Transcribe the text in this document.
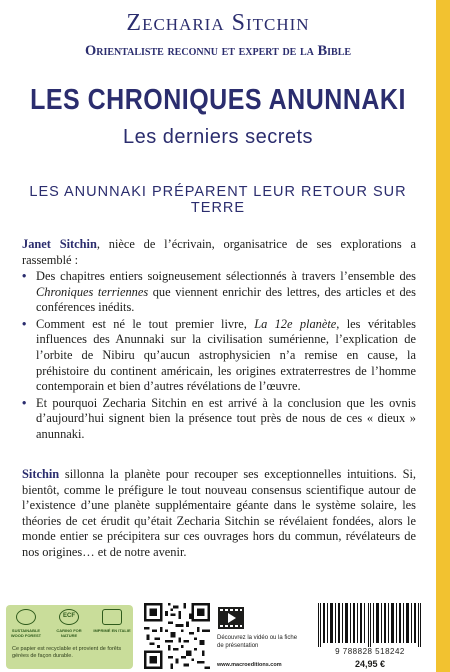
Zecharia Sitchin
Orientaliste reconnu et expert de la Bible
LES CHRONIQUES ANUNNAKI
Les derniers secrets
LES ANUNNAKI PRÉPARENT LEUR RETOUR SUR TERRE

Janet Sitchin, nièce de l’écrivain, organisatrice de ses explorations a rassemblé :

• Des chapitres entiers soigneusement sélectionnés à travers l’ensemble des Chroniques terriennes que viennent enrichir des lettres, des articles et des conférences inédits.
• Comment est né le tout premier livre, La 12e planète, les véritables influences des Anunnaki sur la civilisation sumérienne, l’explication de l’orbite de Nibiru qu’aucun astrophysicien n’a remise en cause, la préhistoire du continent américain, les origines extraterrestres de l’homme contemporain et bien d’autres révélations de l’œuvre.
• Et pourquoi Zecharia Sitchin en est arrivé à la conclusion que les ovnis d’aujourd’hui signent bien la présence tout près de nous de ces « dieux » anunnaki.

Sitchin sillonna la planète pour recouper ses exceptionnelles intuitions. Si, bientôt, comme le préfigure le tout nouveau consensus scientifique autour de l’existence d’une planète supplémentaire géante dans le système solaire, les théories de cet érudit qu’était Zecharia Sitchin se révélaient fondées, alors le monde entier se précipitera sur ces ouvrages hors du commun, révélateurs de nos origines… et de notre avenir.

ECF
SUSTAINABLE WOOD FOREST
CARING FOR NATURE
IMPRIMÉ EN ITALIE
Ce papier est recyclable et provient de forêts gérées de façon durable.
Découvrez la vidéo ou la fiche de présentation
www.macroeditions.com
9 788828 518242
24,95 €
